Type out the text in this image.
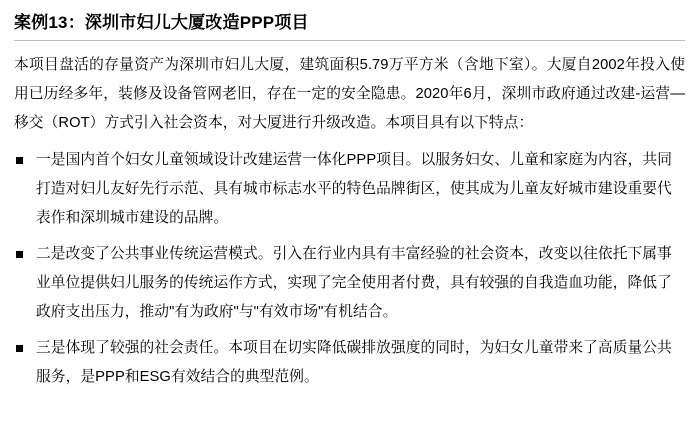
案例13：深圳市妇儿大厦改造PPP项目

本项目盘活的存量资产为深圳市妇儿大厦，建筑面积5.79万平方米（含地下室）。大厦自2002年投入使用已历经多年，装修及设备管网老旧，存在一定的安全隐患。2020年6月，深圳市政府通过改建-运营—移交（ROT）方式引入社会资本，对大厦进行升级改造。本项目具有以下特点：

一是国内首个妇女儿童领域设计改建运营一体化PPP项目。以服务妇女、儿童和家庭为内容，共同打造对妇儿友好先行示范、具有城市标志水平的特色品牌街区，使其成为儿童友好城市建设重要代表作和深圳城市建设的品牌。
二是改变了公共事业传统运营模式。引入在行业内具有丰富经验的社会资本，改变以往依托下属事业单位提供妇儿服务的传统运作方式，实现了完全使用者付费，具有较强的自我造血功能，降低了政府支出压力，推动"有为政府"与"有效市场"有机结合。
三是体现了较强的社会责任。本项目在切实降低碳排放强度的同时，为妇女儿童带来了高质量公共服务，是PPP和ESG有效结合的典型范例。
